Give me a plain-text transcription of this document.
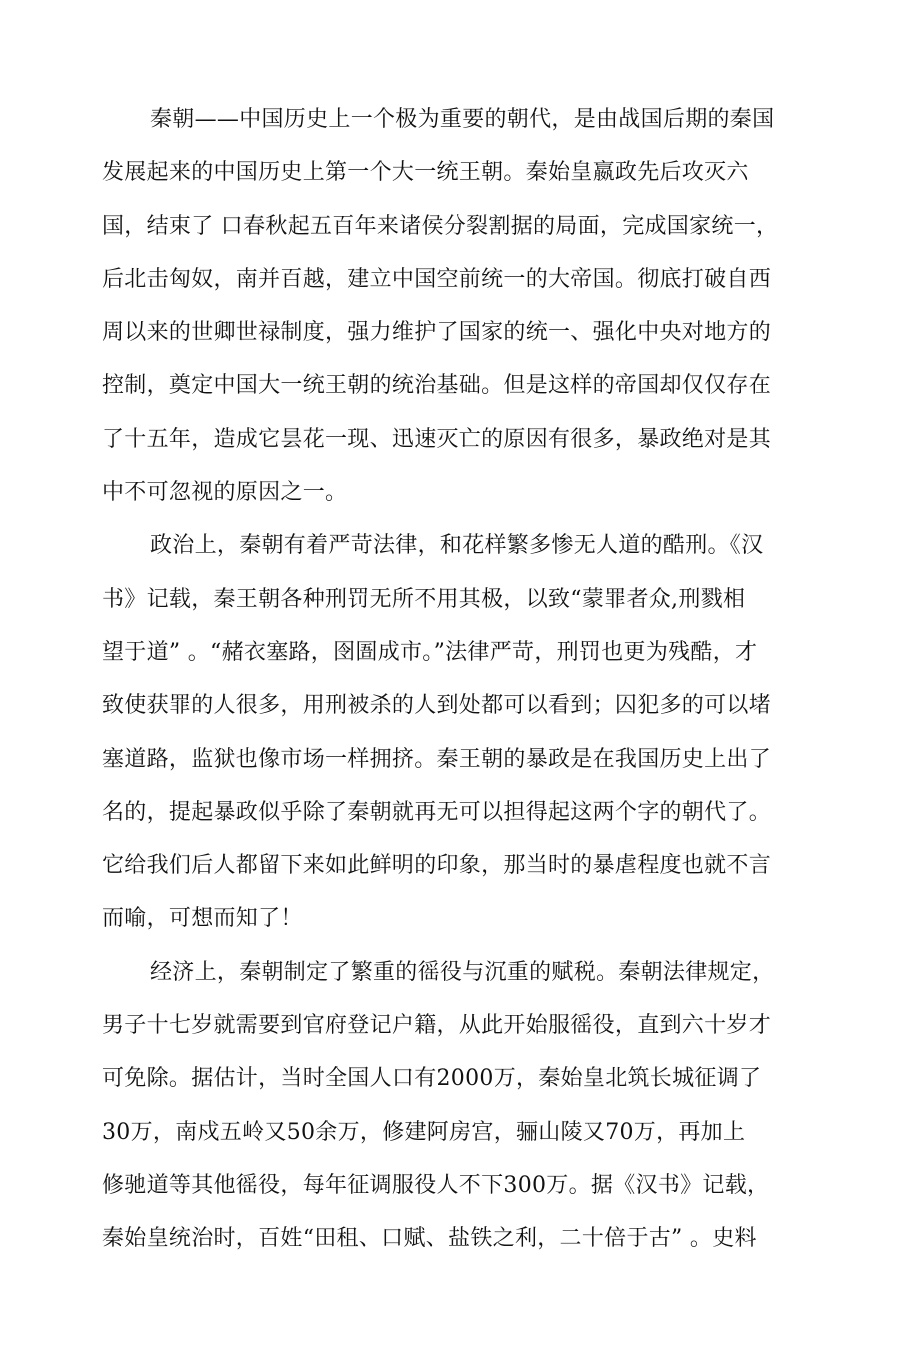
秦朝——中国历史上一个极为重要的朝代，是由战国后期的秦国
发展起来的中国历史上第一个大一统王朝。秦始皇嬴政先后攻灭六
国，结束了 口春秋起五百年来诸侯分裂割据的局面，完成国家统一，
后北击匈奴，南并百越，建立中国空前统一的大帝国。彻底打破自西
周以来的世卿世禄制度，强力维护了国家的统一、强化中央对地方的
控制，奠定中国大一统王朝的统治基础。但是这样的帝国却仅仅存在
了十五年，造成它昙花一现、迅速灭亡的原因有很多，暴政绝对是其
中不可忽视的原因之一。
政治上，秦朝有着严苛法律，和花样繁多惨无人道的酷刑。《汉
书》记载，秦王朝各种刑罚无所不用其极，以致“蒙罪者众,刑戮相
望于道” 。“赭衣塞路，囹圄成市。”法律严苛，刑罚也更为残酷，才
致使获罪的人很多，用刑被杀的人到处都可以看到；囚犯多的可以堵
塞道路，监狱也像市场一样拥挤。秦王朝的暴政是在我国历史上出了
名的，提起暴政似乎除了秦朝就再无可以担得起这两个字的朝代了。
它给我们后人都留下来如此鲜明的印象，那当时的暴虐程度也就不言
而喻，可想而知了！
经济上，秦朝制定了繁重的徭役与沉重的赋税。秦朝法律规定，
男子十七岁就需要到官府登记户籍，从此开始服徭役，直到六十岁才
可免除。据估计，当时全国人口有2000万，秦始皇北筑长城征调了
30万，南戍五岭又50余万，修建阿房宫，骊山陵又70万，再加上
修驰道等其他徭役，每年征调服役人不下300万。据《汉书》记载，
秦始皇统治时，百姓“田租、口赋、盐铁之利，二十倍于古” 。史料
